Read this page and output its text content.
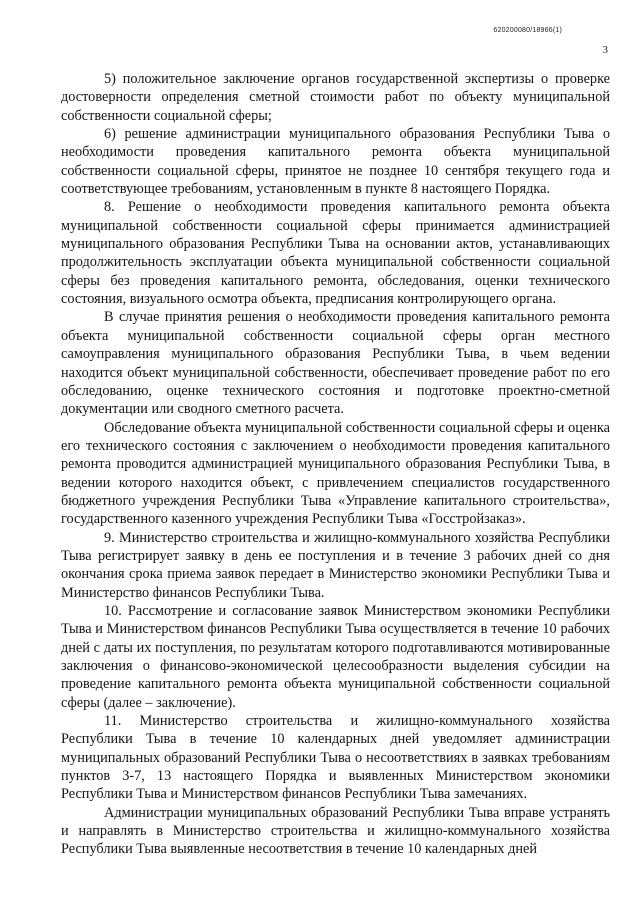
620200080/18966(1)
3

5) положительное заключение органов государственной экспертизы о проверке достоверности определения сметной стоимости работ по объекту муниципальной собственности социальной сферы;

6) решение администрации муниципального образования Республики Тыва о необходимости проведения капитального ремонта объекта муниципальной собственности социальной сферы, принятое не позднее 10 сентября текущего года и соответствующее требованиям, установленным в пункте 8 настоящего Порядка.

8. Решение о необходимости проведения капитального ремонта объекта муниципальной собственности социальной сферы принимается администрацией муниципального образования Республики Тыва на основании актов, устанавливающих продолжительность эксплуатации объекта муниципальной собственности социальной сферы без проведения капитального ремонта, обследования, оценки технического состояния, визуального осмотра объекта, предписания контролирующего органа.

В случае принятия решения о необходимости проведения капитального ремонта объекта муниципальной собственности социальной сферы орган местного самоуправления муниципального образования Республики Тыва, в чьем ведении находится объект муниципальной собственности, обеспечивает проведение работ по его обследованию, оценке технического состояния и подготовке проектно-сметной документации или сводного сметного расчета.

Обследование объекта муниципальной собственности социальной сферы и оценка его технического состояния с заключением о необходимости проведения капитального ремонта проводится администрацией муниципального образования Республики Тыва, в ведении которого находится объект, с привлечением специалистов государственного бюджетного учреждения Республики Тыва «Управление капитального строительства», государственного казенного учреждения Республики Тыва «Госстройзаказ».

9. Министерство строительства и жилищно-коммунального хозяйства Республики Тыва регистрирует заявку в день ее поступления и в течение 3 рабочих дней со дня окончания срока приема заявок передает в Министерство экономики Республики Тыва и Министерство финансов Республики Тыва.

10. Рассмотрение и согласование заявок Министерством экономики Республики Тыва и Министерством финансов Республики Тыва осуществляется в течение 10 рабочих дней с даты их поступления, по результатам которого подготавливаются мотивированные заключения о финансово-экономической целесообразности выделения субсидии на проведение капитального ремонта объекта муниципальной собственности социальной сферы (далее – заключение).

11. Министерство строительства и жилищно-коммунального хозяйства Республики Тыва в течение 10 календарных дней уведомляет администрации муниципальных образований Республики Тыва о несоответствиях в заявках требованиям пунктов 3-7, 13 настоящего Порядка и выявленных Министерством экономики Республики Тыва и Министерством финансов Республики Тыва замечаниях.

Администрации муниципальных образований Республики Тыва вправе устранять и направлять в Министерство строительства и жилищно-коммунального хозяйства Республики Тыва выявленные несоответствия в течение 10 календарных дней
